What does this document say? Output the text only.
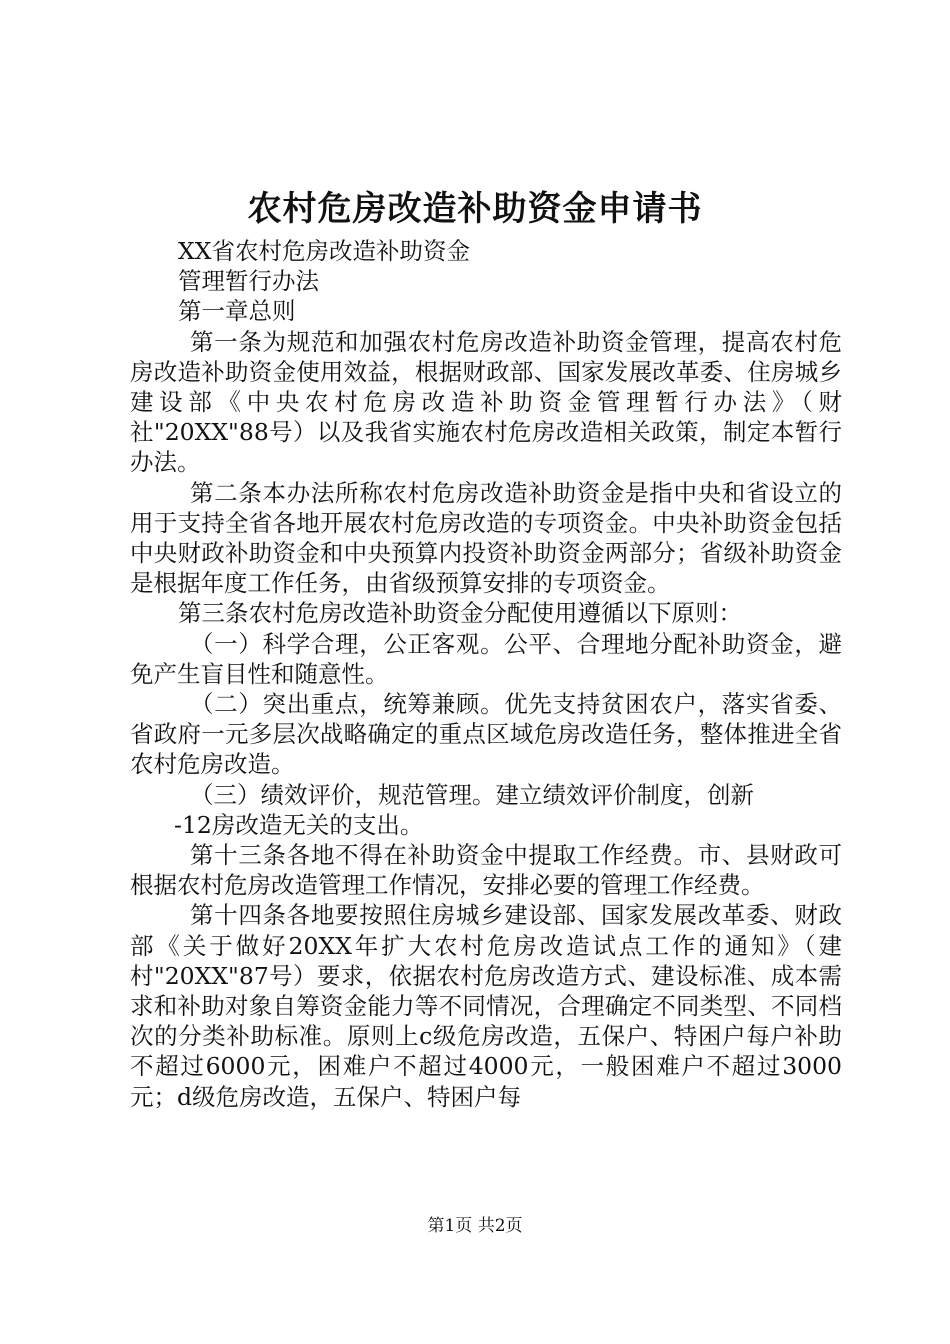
农村危房改造补助资金申请书

XX省农村危房改造补助资金

管理暂行办法

第一章总则

第一条为规范和加强农村危房改造补助资金管理，提高农村危房改造补助资金使用效益，根据财政部、国家发展改革委、住房城乡建设部《中央农村危房改造补助资金管理暂行办法》（财社"20XX"88号）以及我省实施农村危房改造相关政策，制定本暂行办法。

第二条本办法所称农村危房改造补助资金是指中央和省设立的用于支持全省各地开展农村危房改造的专项资金。中央补助资金包括中央财政补助资金和中央预算内投资补助资金两部分；省级补助资金是根据年度工作任务，由省级预算安排的专项资金。

第三条农村危房改造补助资金分配使用遵循以下原则：

（一）科学合理，公正客观。公平、合理地分配补助资金，避免产生盲目性和随意性。

（二）突出重点，统筹兼顾。优先支持贫困农户，落实省委、省政府一元多层次战略确定的重点区域危房改造任务，整体推进全省农村危房改造。

（三）绩效评价，规范管理。建立绩效评价制度，创新

-12房改造无关的支出。

第十三条各地不得在补助资金中提取工作经费。市、县财政可根据农村危房改造管理工作情况，安排必要的管理工作经费。

第十四条各地要按照住房城乡建设部、国家发展改革委、财政部《关于做好20XX年扩大农村危房改造试点工作的通知》（建村"20XX"87号）要求，依据农村危房改造方式、建设标准、成本需求和补助对象自筹资金能力等不同情况，合理确定不同类型、不同档次的分类补助标准。原则上c级危房改造，五保户、特困户每户补助不超过6000元，困难户不超过4000元，一般困难户不超过3000元；d级危房改造，五保户、特困户每

第1页 共2页
